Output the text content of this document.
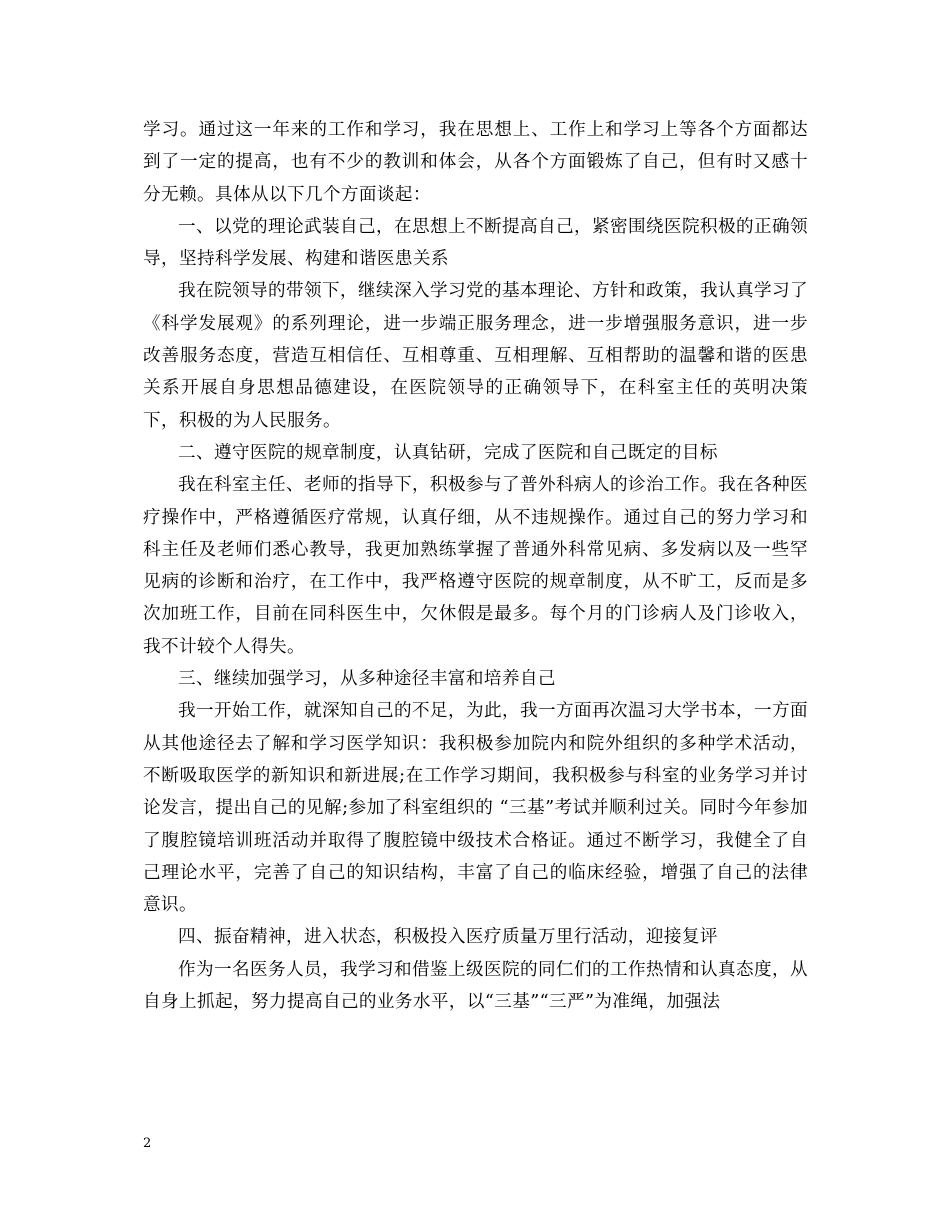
学习。通过这一年来的工作和学习，我在思想上、工作上和学习上等各个方面都达到了一定的提高，也有不少的教训和体会，从各个方面锻炼了自己，但有时又感十分无赖。具体从以下几个方面谈起：

一、以党的理论武装自己，在思想上不断提高自己，紧密围绕医院积极的正确领导，坚持科学发展、构建和谐医患关系

我在院领导的带领下，继续深入学习党的基本理论、方针和政策，我认真学习了《科学发展观》的系列理论，进一步端正服务理念，进一步增强服务意识，进一步改善服务态度，营造互相信任、互相尊重、互相理解、互相帮助的温馨和谐的医患关系开展自身思想品德建设，在医院领导的正确领导下，在科室主任的英明决策下，积极的为人民服务。

二、遵守医院的规章制度，认真钻研，完成了医院和自己既定的目标

我在科室主任、老师的指导下，积极参与了普外科病人的诊治工作。我在各种医疗操作中，严格遵循医疗常规，认真仔细，从不违规操作。通过自己的努力学习和科主任及老师们悉心教导，我更加熟练掌握了普通外科常见病、多发病以及一些罕见病的诊断和治疗，在工作中，我严格遵守医院的规章制度，从不旷工，反而是多次加班工作，目前在同科医生中，欠休假是最多。每个月的门诊病人及门诊收入，我不计较个人得失。

三、继续加强学习，从多种途径丰富和培养自己

我一开始工作，就深知自己的不足，为此，我一方面再次温习大学书本，一方面从其他途径去了解和学习医学知识：我积极参加院内和院外组织的多种学术活动，不断吸取医学的新知识和新进展;在工作学习期间，我积极参与科室的业务学习并讨论发言，提出自己的见解;参加了科室组织的 “三基”考试并顺利过关。同时今年参加了腹腔镜培训班活动并取得了腹腔镜中级技术合格证。通过不断学习，我健全了自己理论水平，完善了自己的知识结构，丰富了自己的临床经验，增强了自己的法律意识。

四、振奋精神，进入状态，积极投入医疗质量万里行活动，迎接复评

作为一名医务人员，我学习和借鉴上级医院的同仁们的工作热情和认真态度，从自身上抓起，努力提高自己的业务水平，以“三基”“三严”为准绳，加强法

2
